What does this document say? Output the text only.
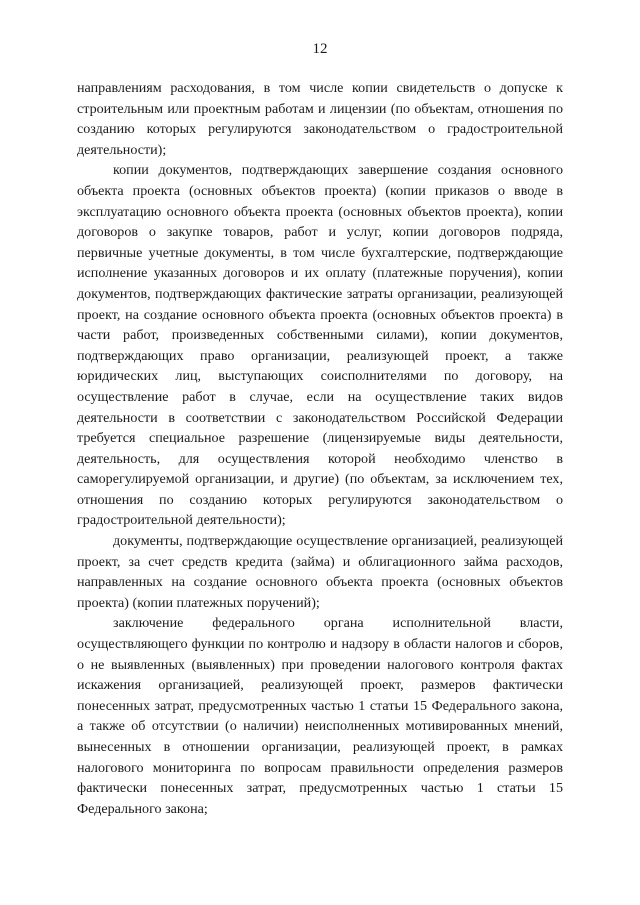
12

направлениям расходования, в том числе копии свидетельств о допуске к строительным или проектным работам и лицензии (по объектам, отношения по созданию которых регулируются законодательством о градостроительной деятельности);

копии документов, подтверждающих завершение создания основного объекта проекта (основных объектов проекта) (копии приказов о вводе в эксплуатацию основного объекта проекта (основных объектов проекта), копии договоров о закупке товаров, работ и услуг, копии договоров подряда, первичные учетные документы, в том числе бухгалтерские, подтверждающие исполнение указанных договоров и их оплату (платежные поручения), копии документов, подтверждающих фактические затраты организации, реализующей проект, на создание основного объекта проекта (основных объектов проекта) в части работ, произведенных собственными силами), копии документов, подтверждающих право организации, реализующей проект, а также юридических лиц, выступающих соисполнителями по договору, на осуществление работ в случае, если на осуществление таких видов деятельности в соответствии с законодательством Российской Федерации требуется специальное разрешение (лицензируемые виды деятельности, деятельность, для осуществления которой необходимо членство в саморегулируемой организации, и другие) (по объектам, за исключением тех, отношения по созданию которых регулируются законодательством о градостроительной деятельности);

документы, подтверждающие осуществление организацией, реализующей проект, за счет средств кредита (займа) и облигационного займа расходов, направленных на создание основного объекта проекта (основных объектов проекта) (копии платежных поручений);

заключение федерального органа исполнительной власти, осуществляющего функции по контролю и надзору в области налогов и сборов, о не выявленных (выявленных) при проведении налогового контроля фактах искажения организацией, реализующей проект, размеров фактически понесенных затрат, предусмотренных частью 1 статьи 15 Федерального закона, а также об отсутствии (о наличии) неисполненных мотивированных мнений, вынесенных в отношении организации, реализующей проект, в рамках налогового мониторинга по вопросам правильности определения размеров фактически понесенных затрат, предусмотренных частью 1 статьи 15 Федерального закона;
